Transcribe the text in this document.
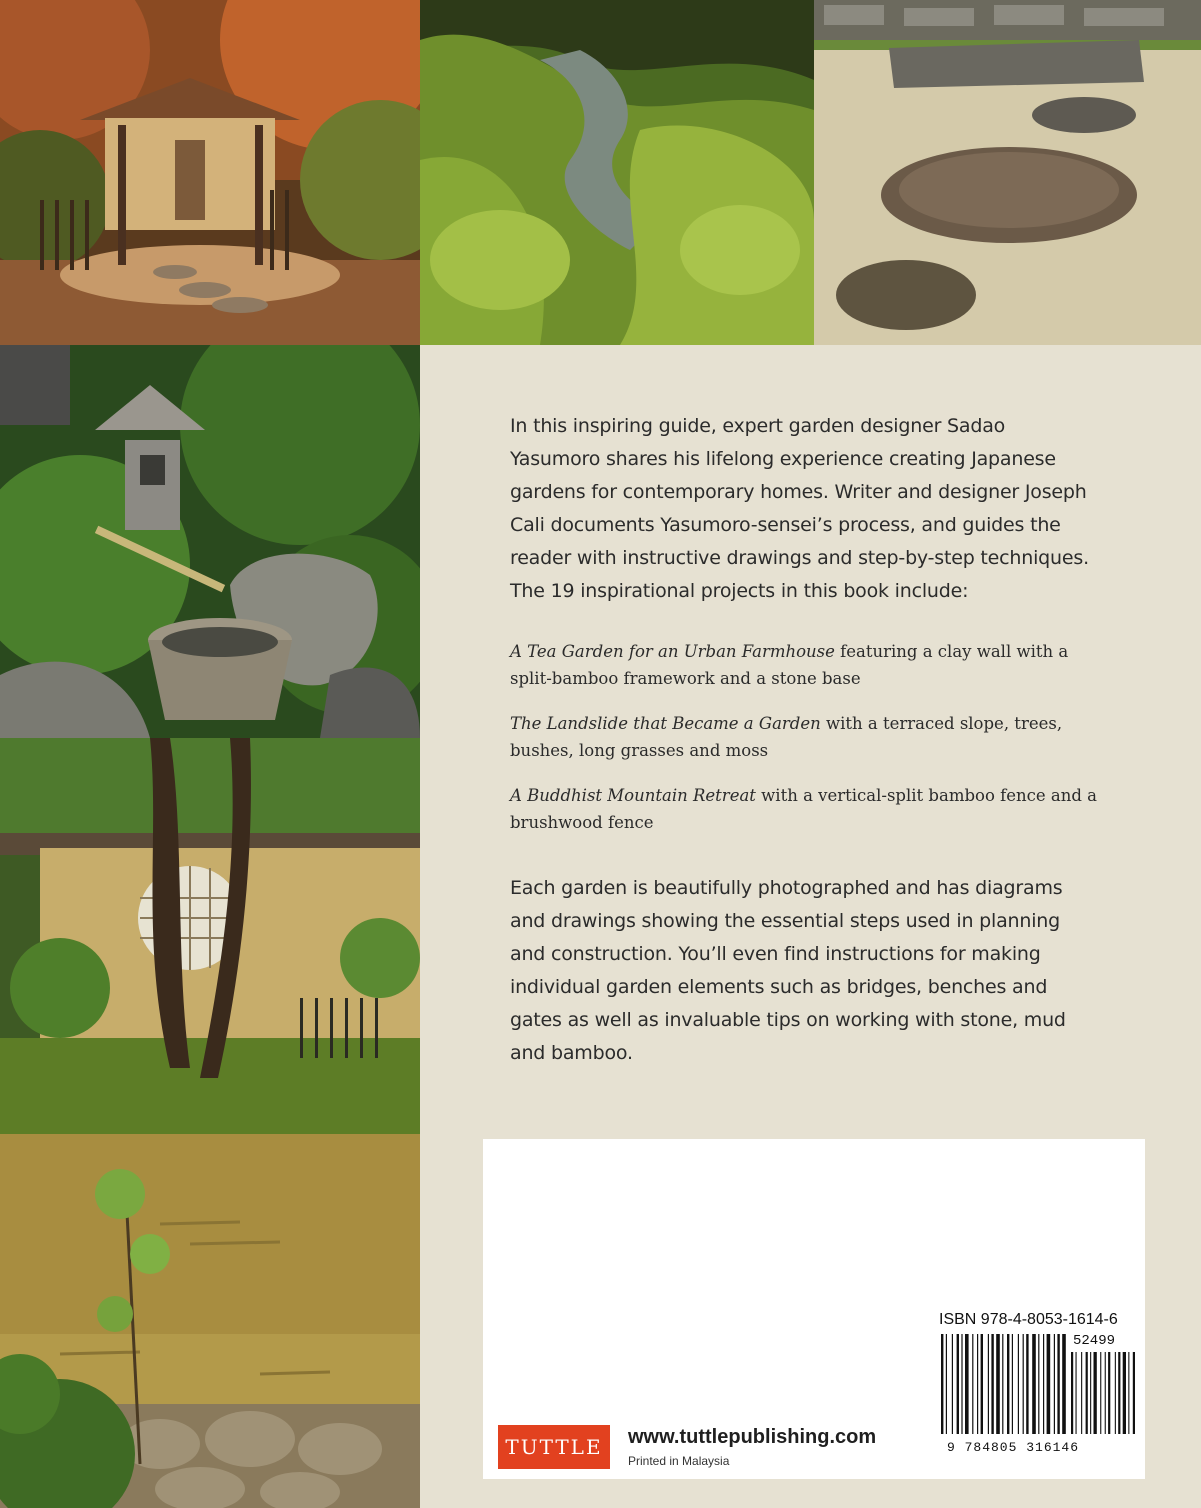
In this inspiring guide, expert garden designer Sadao Yasumoro shares his lifelong experience creating Japanese gardens for contemporary homes. Writer and designer Joseph Cali documents Yasumoro-sensei’s process, and guides the reader with instructive drawings and step-by-step techniques. The 19 inspirational projects in this book include:

A Tea Garden for an Urban Farmhouse featuring a clay wall with a split-bamboo framework and a stone base
The Landslide that Became a Garden with a terraced slope, trees, bushes, long grasses and moss
A Buddhist Mountain Retreat with a vertical-split bamboo fence and a brushwood fence

Each garden is beautifully photographed and has diagrams and drawings showing the essential steps used in planning and construction. You’ll even find instructions for making individual garden elements such as bridges, benches and gates as well as invaluable tips on working with stone, mud and bamboo.

TUTTLE	www.tuttlepublishing.com
Printed in Malaysia
ISBN 978-4-8053-1614-6
52499
9 784805 316146
